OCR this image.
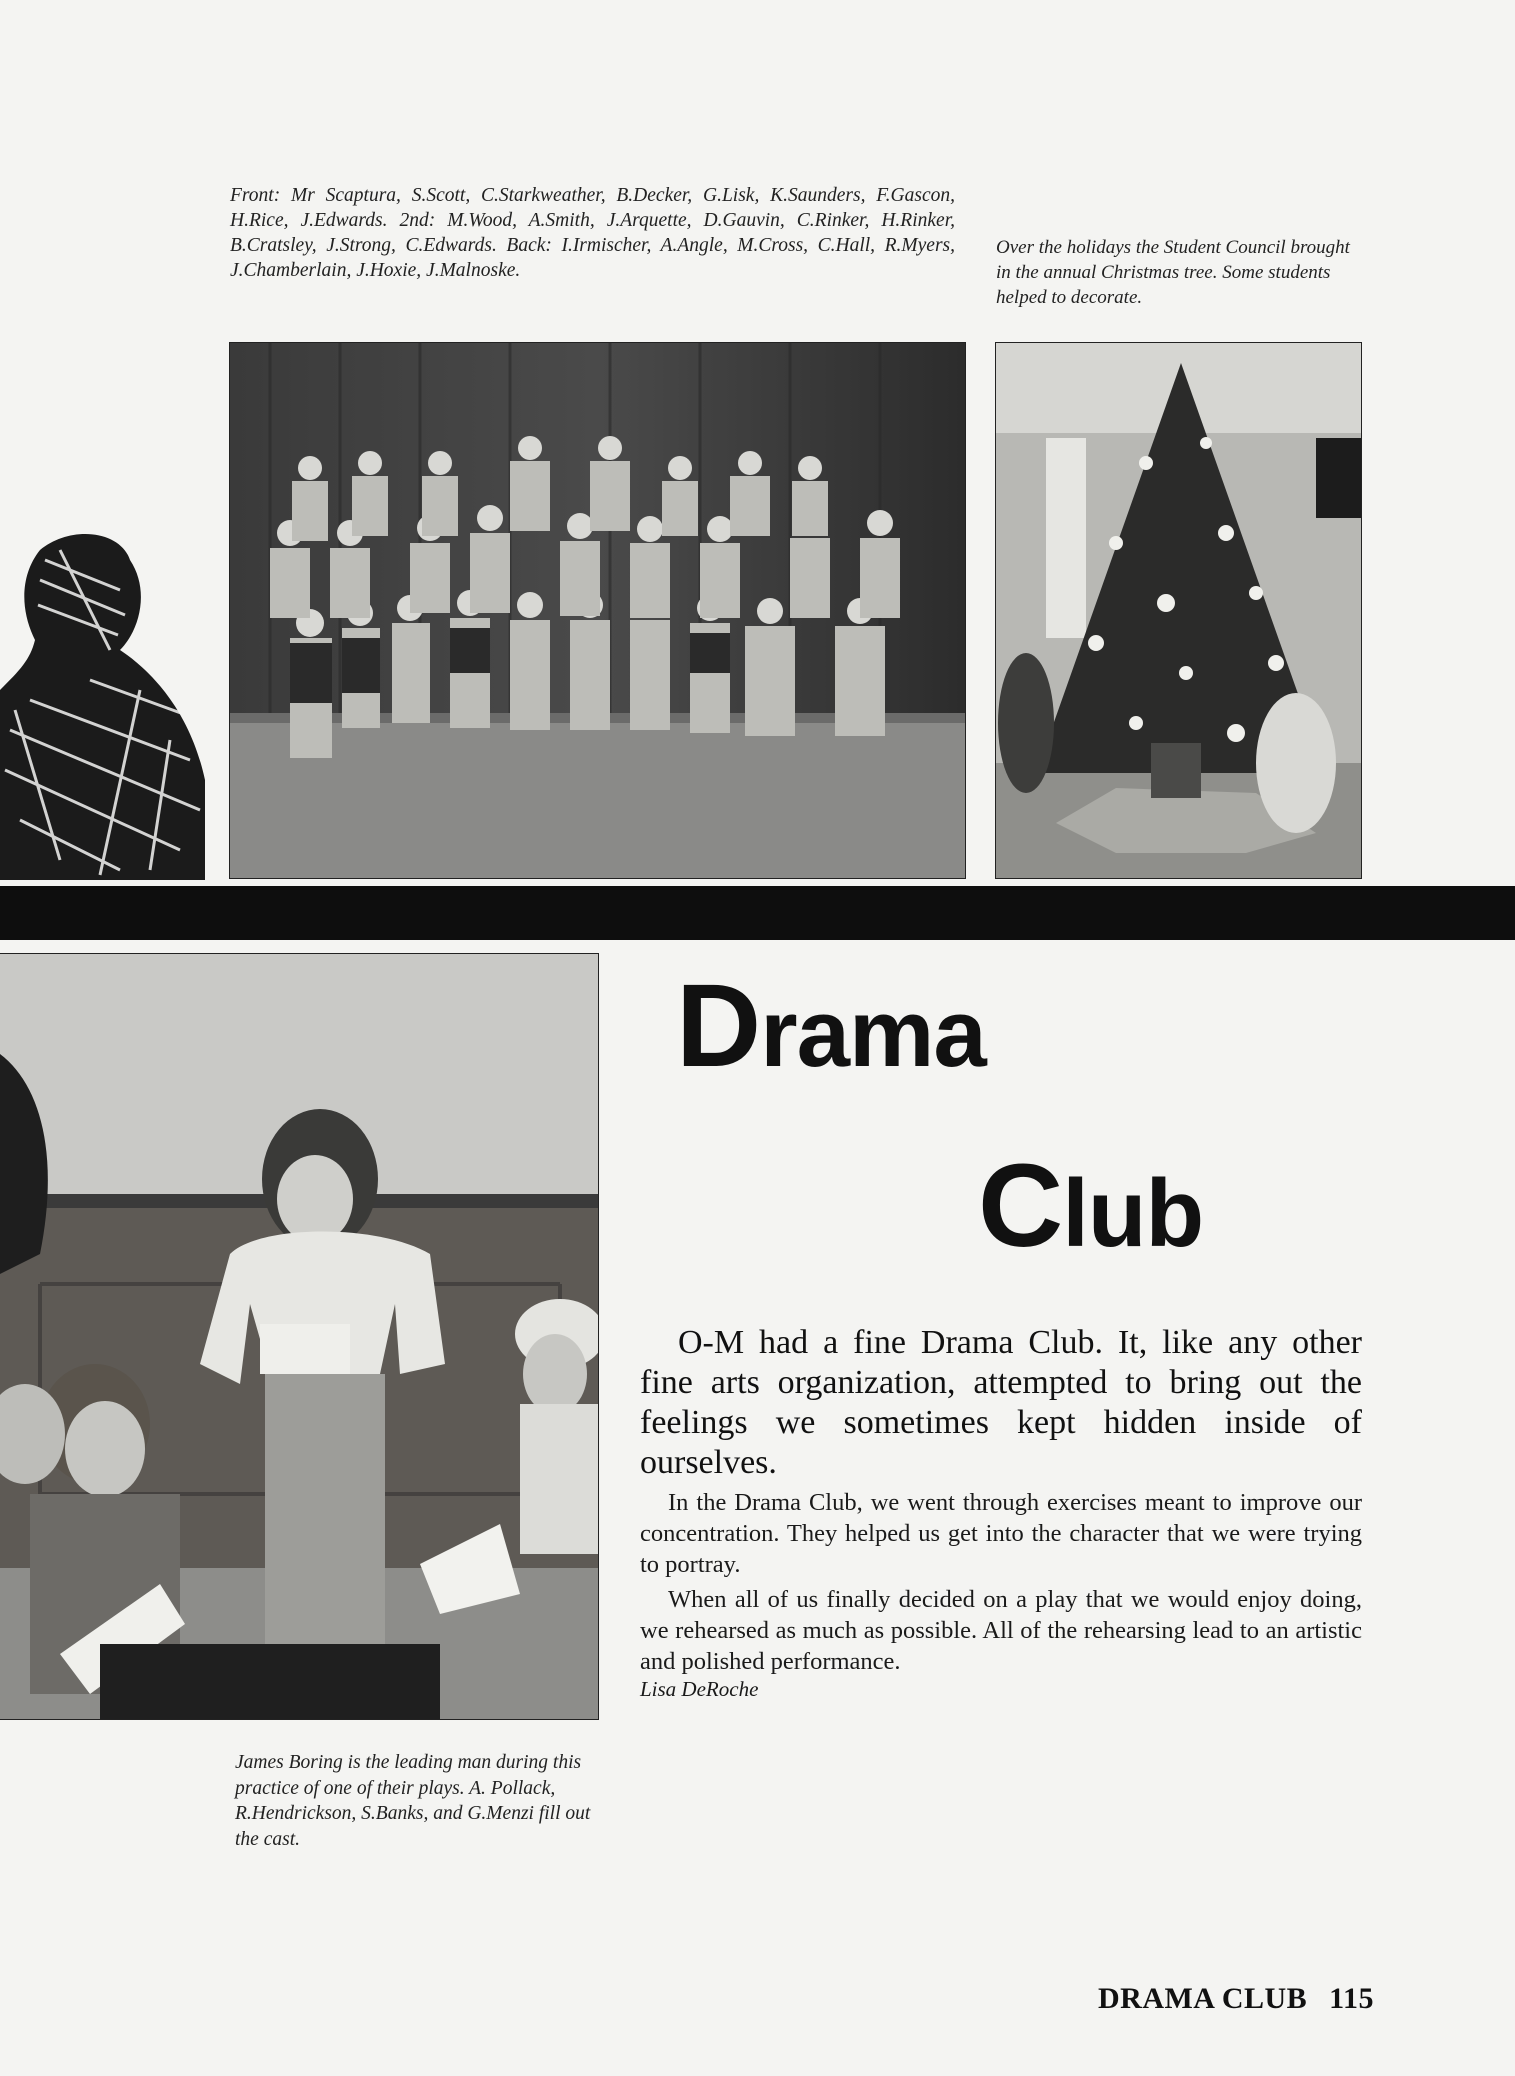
Front: Mr Scaptura, S.Scott, C.Starkweather, B.Decker, G.Lisk, K.Saunders, F.Gascon, H.Rice, J.Edwards. 2nd: M.Wood, A.Smith, J.Arquette, D.Gauvin, C.Rinker, H.Rinker, B.Cratsley, J.Strong, C.Edwards. Back: I.Irmischer, A.Angle, M.Cross, C.Hall, R.Myers, J.Chamberlain, J.Hoxie, J.Malnoske.
Over the holidays the Student Council brought in the annual Christmas tree. Some students helped to decorate.
James Boring is the leading man during this practice of one of their plays. A. Pollack, R.Hendrickson, S.Banks, and G.Menzi fill out the cast.
Drama
Club

O-M had a fine Drama Club. It, like any other fine arts organization, attempted to bring out the feelings we sometimes kept hidden inside of ourselves.

In the Drama Club, we went through exercises meant to improve our concentration. They helped us get into the character that we were trying to portray.

When all of us finally decided on a play that we would enjoy doing, we rehearsed as much as possible. All of the rehearsing lead to an artistic and polished performance.

Lisa DeRoche
DRAMA CLUB 115
